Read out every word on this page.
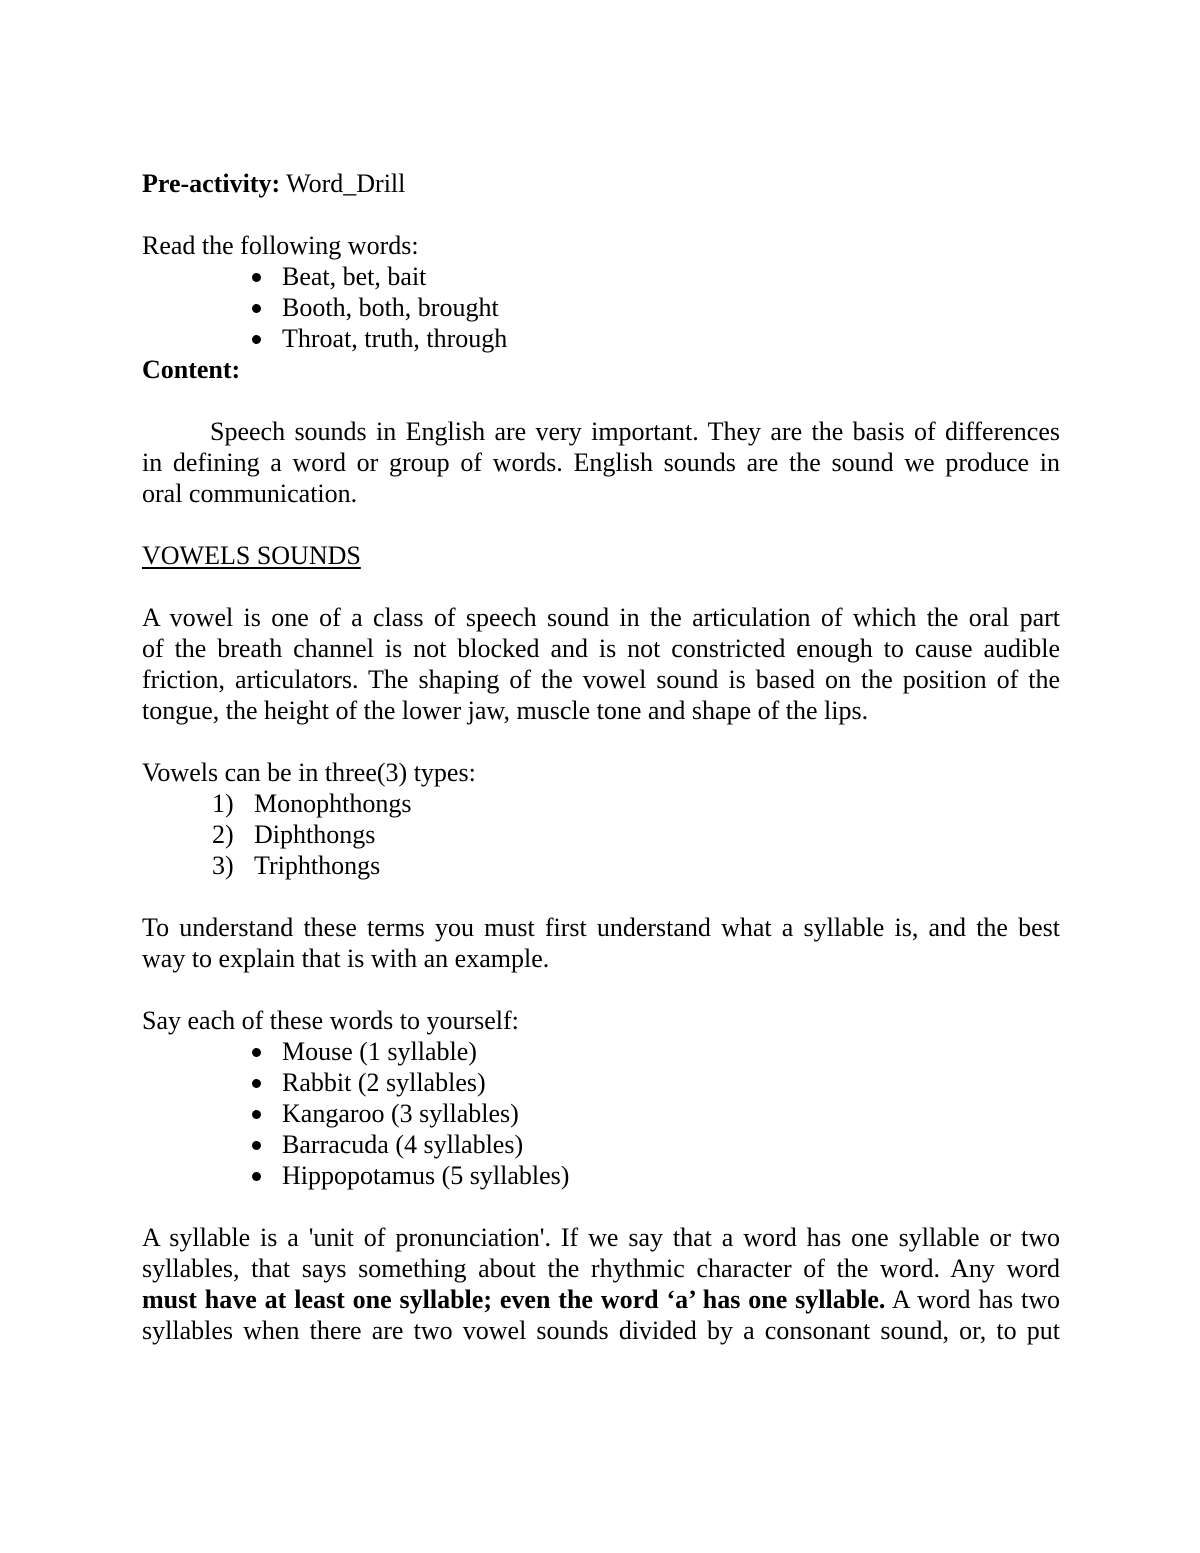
Pre-activity: Word_Drill

Read the following words:

Beat, bet, bait
Booth, both, brought
Throat, truth, through

Content:

Speech sounds in English are very important. They are the basis of differences

in defining a word or group of words. English sounds are the sound we produce in

oral communication.

VOWELS SOUNDS

A vowel is one of a class of speech sound in the articulation of which the oral part

of the breath channel is not blocked and is not constricted enough to cause audible

friction, articulators. The shaping of the vowel sound is based on the position of the

tongue, the height of the lower jaw, muscle tone and shape of the lips.

Vowels can be in three(3) types:

1) Monophthongs
2) Diphthongs
3) Triphthongs

To understand these terms you must first understand what a syllable is, and the best

way to explain that is with an example.

Say each of these words to yourself:

Mouse (1 syllable)
Rabbit (2 syllables)
Kangaroo (3 syllables)
Barracuda (4 syllables)
Hippopotamus (5 syllables)

A syllable is a 'unit of pronunciation'. If we say that a word has one syllable or two

syllables, that says something about the rhythmic character of the word. Any word

must have at least one syllable; even the word ‘a’ has one syllable. A word has two

syllables when there are two vowel sounds divided by a consonant sound, or, to put
